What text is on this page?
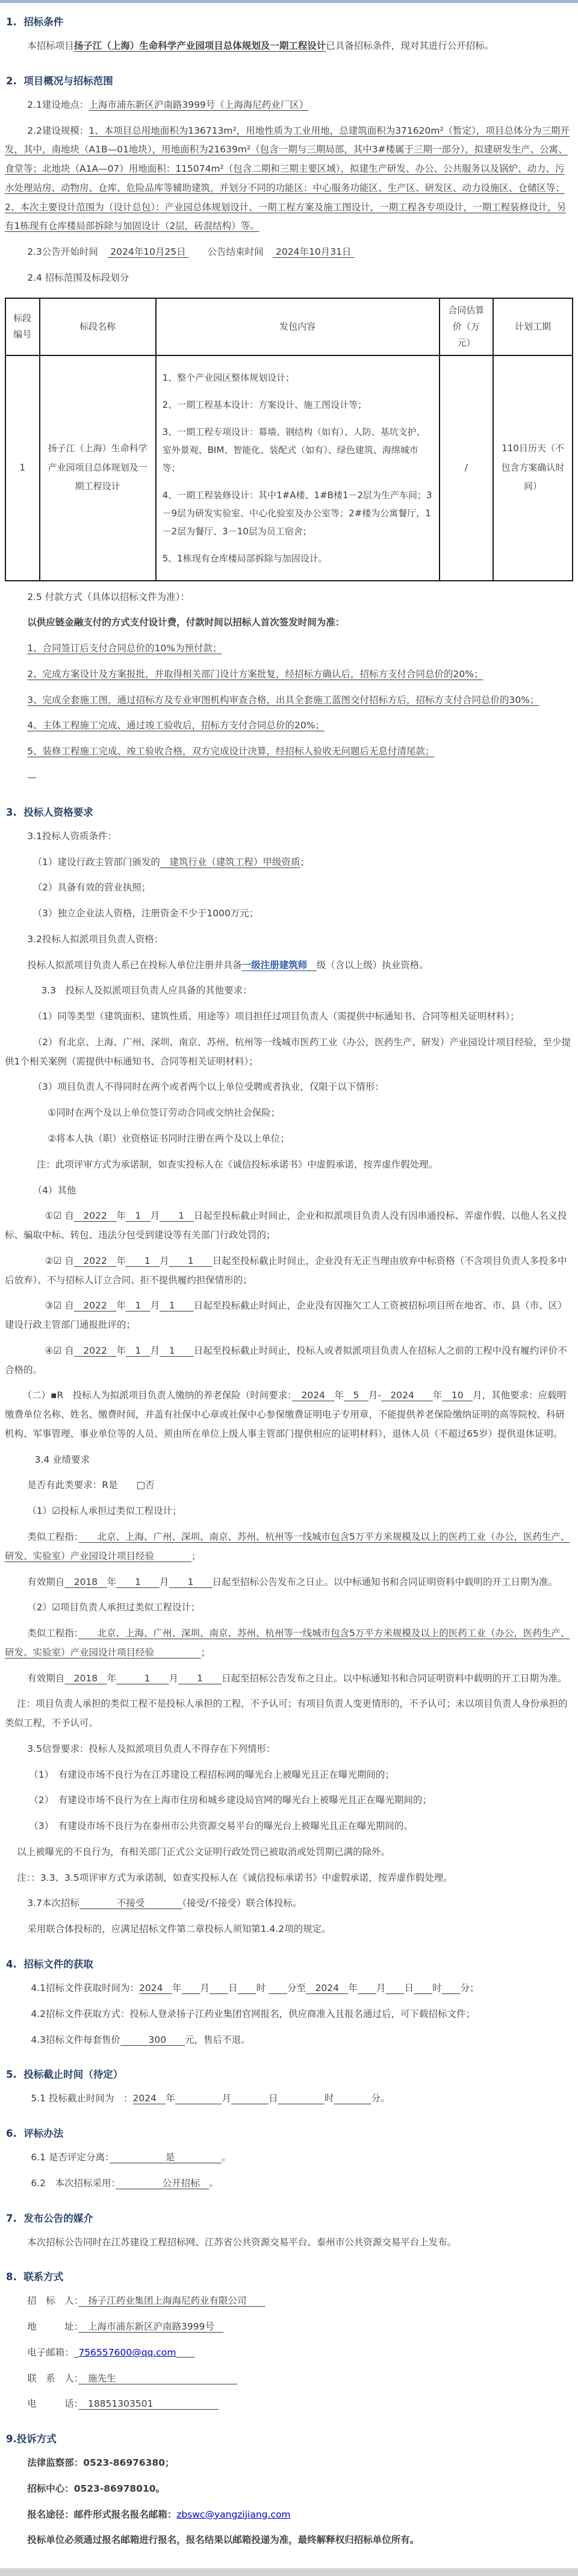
1.  招标条件

本招标项目扬子江（上海）生命科学产业园项目总体规划及一期工程设计已具备招标条件，现对其进行公开招标。

2.  项目概况与招标范围

2.1建设地点：上海市浦东新区沪南路3999号（上海海尼药业厂区）

2.2建设规模：1、本项目总用地面积为136713m²，用地性质为工业用地，总建筑面积为371620m²（暂定），项目总体分为三期开发，其中，南地块（A1B—01地块），用地面积为21639m²（包含一期与三期局部，其中3#楼属于三期一部分），拟建研发生产、公寓、食堂等；北地块（A1A—07）用地面积：115074m²（包含二期和三期主要区域），拟建生产研发、办公、公共服务以及锅炉、动力、污水处理站房、动物房、仓库、危险品库等辅助建筑，并划分不同的功能区：中心服务功能区、生产区、研发区、动力设施区、仓储区等；2、本次主要设计范围为（设计总包）：产业园总体规划设计、一期工程方案及施工图设计，一期工程各专项设计，一期工程装修设计，另有1栋现有仓库楼局部拆除与加固设计（2层，砖混结构）等。

2.3公告开始时间　 2024年10月25日 　　公告结束时间　 2024年10月31日

2.4 招标范围及标段划分

标段编号	标段名称	发包内容	合同估算价（万元）	计划工期
1	扬子江（上海）生命科学产业园项目总体规划及一期工程设计	1、整个产业园区整体规划设计；
2、一期工程基本设计：方案设计、施工图设计等；
3、一期工程专项设计：幕墙、钢结构（如有）、人防、基坑支护、室外景观、BIM、智能化、装配式（如有）、绿色建筑、海绵城市等；
4、一期工程装修设计：其中1#A楼、1#B楼1－2层为生产车间；3－9层为研发实验室、中心化验室及办公室等；2#楼为公寓餐厅，1－2层为餐厅、3－10层为员工宿舍；
5、1栋现有仓库楼局部拆除与加固设计。	/	110日历天（不包含方案确认时间）

2.5 付款方式（具体以招标文件为准）：

以供应链金融支付的方式支付设计费，付款时间以招标人首次签发时间为准：

1、合同签订后支付合同总价的10%为预付款；

2、完成方案设计及方案报批，并取得相关部门设计方案批复，经招标方确认后，招标方支付合同总价的20%；

3、完成全套施工图，通过招标方及专业审图机构审查合格，出具全套施工蓝图交付招标方后，招标方支付合同总价的30%；

4、主体工程施工完成、通过竣工验收后，招标方支付合同总价的20%；

5、装修工程施工完成、竣工验收合格，双方完成设计决算，经招标人验收无问题后无息付清尾款；

—

3.  投标人资格要求

3.1投标人资质条件：

（1）建设行政主管部门颁发的　建筑行业（建筑工程）甲级资质；

（2）具备有效的营业执照；

（3）独立企业法人资格，注册资金不少于1000万元；

3.2投标人拟派项目负责人资格：

投标人拟派项目负责人系已在投标人单位注册并具备一级注册建筑师　 级（含以上级）执业资格。

3.3　投标人及拟派项目负责人应具备的其他要求：

（1）同等类型（建筑面积、建筑性质、用途等）项目担任过项目负责人（需提供中标通知书、合同等相关证明材料）；

（2）有北京、上海、广州、深圳、南京、苏州、杭州等一线城市医药工业（办公，医药生产、研发）产业园设计项目经验，至少提供1个相关案例（需提供中标通知书、合同等相关证明材料）；

（3）项目负责人不得同时在两个或者两个以上单位受聘或者执业，仅限于以下情形：

①同时在两个及以上单位签订劳动合同或交纳社会保险；

②将本人执（职）业资格证书同时注册在两个及以上单位；

注：此项评审方式为承诺制，如查实投标人在《诚信投标承诺书》中虚假承诺，按弄虚作假处理。

（4）其他

①☑ 自　2022　年　1　月　　1　日起至投标截止时间止，企业和拟派项目负责人没有因串通投标、弄虚作假、以他人名义投标、骗取中标、转包、违法分包受到建设等有关部门行政处罚的；

②☑ 自　2022　年　　1　月　　1　　日起至投标截止时间止，企业没有无正当理由放弃中标资格（不含项目负责人多投多中后放弃）、不与招标人订立合同、拒不提供履约担保情形的；

③☑ 自　2022　年　1　月　1　　日起至投标截止时间止，企业没有因拖欠工人工资被招标项目所在地省、市、县（市、区）建设行政主管部门通报批评的；

④☑ 自　2022　年　1　月　1　　日起至投标截止时间止，投标人或者拟派项目负责人在招标人之前的工程中没有履约评价不合格的。

（二）▪R　投标人为拟派项目负责人缴纳的养老保险（时间要求：　2024　年　5　月-　2024　　年　10　月，其他要求：应载明缴费单位名称、姓名、缴费时间，并盖有社保中心章或社保中心参保缴费证明电子专用章，不能提供养老保险缴纳证明的高等院校、科研机构、军事管理、事业单位等的人员、须由所在单位上级人事主管部门提供相应的证明材料），退休人员（不超过65岁）提供退休证明。

3.4 业绩要求

是否有此类要求：R是　　□否

（1）☑投标人承担过类似工程设计；

类似工程指：　　北京、上海、广州、深圳、南京、苏州、杭州等一线城市包含5万平方米规模及以上的医药工业（办公，医药生产、研发、实验室）产业园设计项目经验　　　　；

有效期自　2018　年　　1　　月　　1　　日起至招标公告发布之日止。以中标通知书和合同证明资料中载明的开工日期为准。

（2）☑项目负责人承担过类似工程设计；

类似工程指：　　北京、上海、广州、深圳、南京、苏州、杭州等一线城市包含5万平方米规模及以上的医药工业（办公，医药生产、研发、实验室）产业园设计项目经验　　　　　；

有效期自　2018　年　　　1　　月　　1　　日起至招标公告发布之日止。以中标通知书和合同证明资料中载明的开工日期为准。

注：项目负责人承担的类似工程不是投标人承担的工程，不予认可；有项目负责人变更情形的，不予认可；未以项目负责人身份承担的类似工程，不予认可。

3.5信誉要求：投标人及拟派项目负责人不得存在下列情形：

（1）　有建设市场不良行为在江苏建设工程招标网的曝光台上被曝光且正在曝光期间的；

（2）　有建设市场不良行为在上海市住房和城乡建设局官网的曝光台上被曝光且正在曝光期间的；

（3）　有建设市场不良行为在泰州市公共资源交易平台的曝光台上被曝光且正在曝光期间的。

以上被曝光的不良行为，有相关部门正式公文证明行政处罚已被取消或处罚期已满的除外。

注：：3.3、3.5项评审方式为承诺制，如查实投标人在《诚信投标承诺书》中虚假承诺，按弄虚作假处理。

3.7本次招标　　　　不接受　　　　（接受/不接受）联合体投标。

采用联合体投标的，应满足招标文件第二章投标人须知第1.4.2项的规定。

4.  招标文件的获取

4.1招标文件获取时间为：2024　年　　 月　　 日　　 时 　　分至　2024　年　　 月　　 日　　 时　　 分；

4.2招标文件获取方式：投标人登录扬子江药业集团官网报名，供应商准入且报名通过后，可下载招标文件；

4.3招标文件每套售价　　　300　　元，售后不退。

5.  投标截止时间（待定）

5.1 投标截止时间为　：2024　年　　　　　	月　　　　	日　　　　　	时　　　　	分。

6.  评标办法

6.1 是否评定分离：　　　　　　是　　　　　。

6.2　本次招标采用：　　　　　公开招标　。

7.  发布公告的媒介

本次招标公告同时在江苏建设工程招标网、江苏省公共资源交易平台、泰州市公共资源交易平台上发布。

8.  联系方式

招　标　人：　扬子江药业集团上海海尼药业有限公司　　

地　　　址：　上海市浦东新区沪南路3999号　

电子邮箱：_756557600@qq.com____

联　系　人：　施先生　　　　　　　　　　　　　

电　　　话：　18851303501　　　　　　　

9.投诉方式

法律监察部：0523-86976380；

招标中心：0523-86978010。

报名途径：邮件形式报名报名邮箱：zbswc@yangzijiang.com

投标单位必须通过报名邮箱进行报名，报名结果以邮箱投递为准，最终解释权归招标单位所有。
